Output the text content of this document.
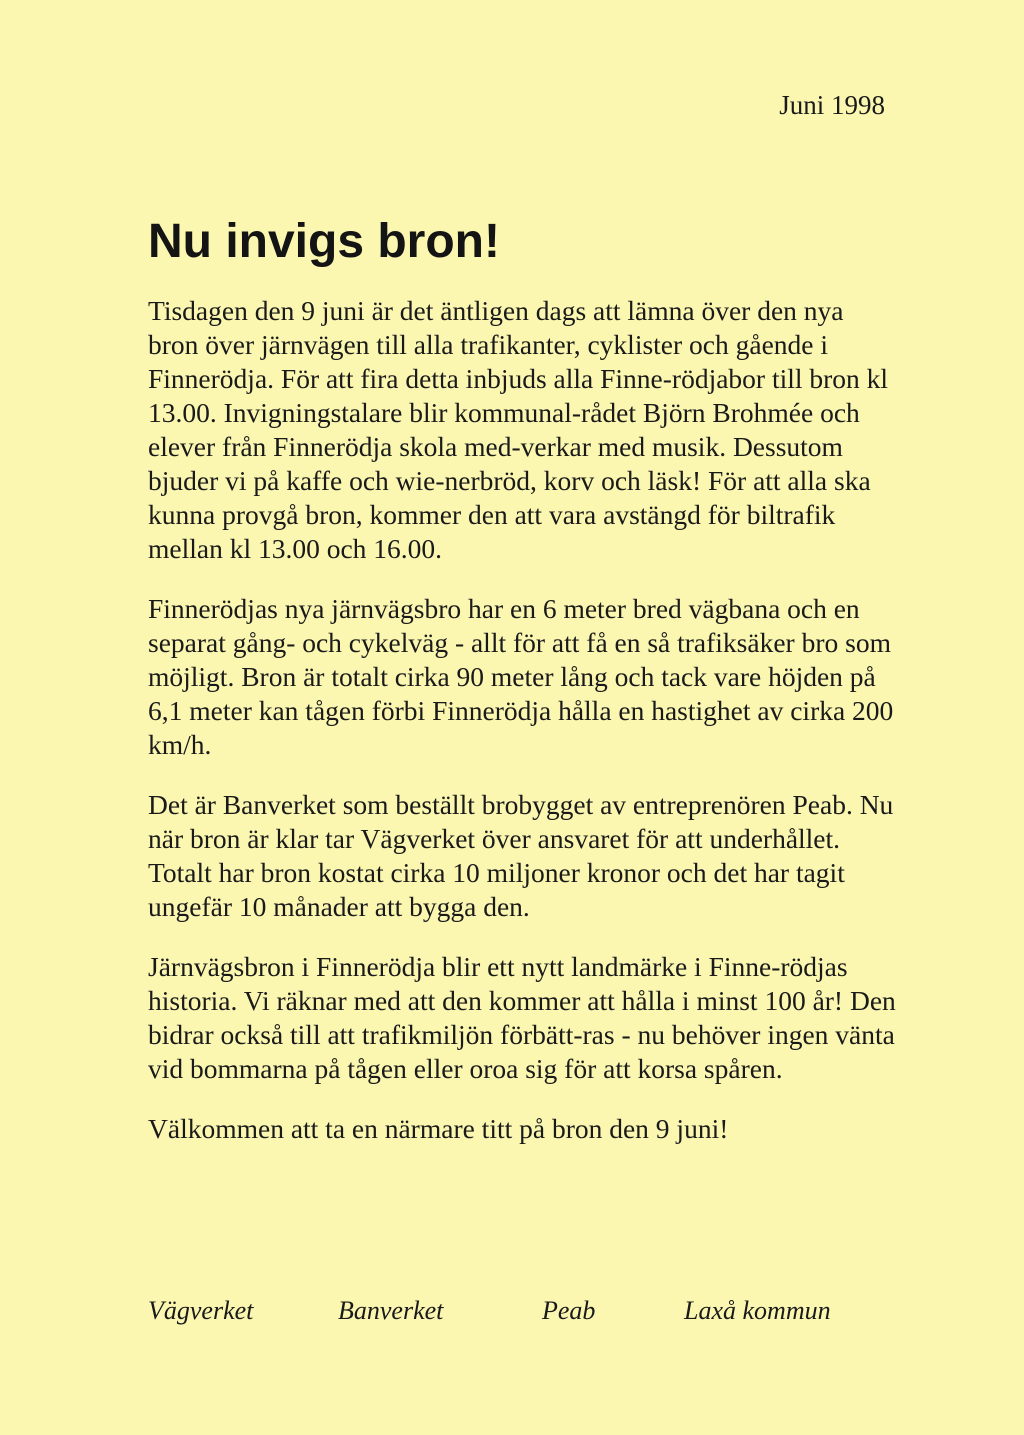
Juni 1998
Nu invigs bron!

Tisdagen den 9 juni är det äntligen dags att lämna över den nya bron över järnvägen till alla trafikanter, cyklister och gående i Finnerödja. För att fira detta inbjuds alla Finne-rödjabor till bron kl 13.00. Invigningstalare blir kommunal-rådet Björn Brohmée och elever från Finnerödja skola med-verkar med musik. Dessutom bjuder vi på kaffe och wie-nerbröd, korv och läsk! För att alla ska kunna provgå bron, kommer den att vara avstängd för biltrafik mellan kl 13.00 och 16.00.

Finnerödjas nya järnvägsbro har en 6 meter bred vägbana och en separat gång- och cykelväg - allt för att få en så trafiksäker bro som möjligt. Bron är totalt cirka 90 meter lång och tack vare höjden på 6,1 meter kan tågen förbi Finnerödja hålla en hastighet av cirka 200 km/h.

Det är Banverket som beställt brobygget av entreprenören Peab. Nu när bron är klar tar Vägverket över ansvaret för att underhållet. Totalt har bron kostat cirka 10 miljoner kronor och det har tagit ungefär 10 månader att bygga den.

Järnvägsbron i Finnerödja blir ett nytt landmärke i Finne-rödjas historia. Vi räknar med att den kommer att hålla i minst 100 år! Den bidrar också till att trafikmiljön förbätt-ras - nu behöver ingen vänta vid bommarna på tågen eller oroa sig för att korsa spåren.

Välkommen att ta en närmare titt på bron den 9 juni!

Vägverket	Banverket	Peab	Laxå kommun
